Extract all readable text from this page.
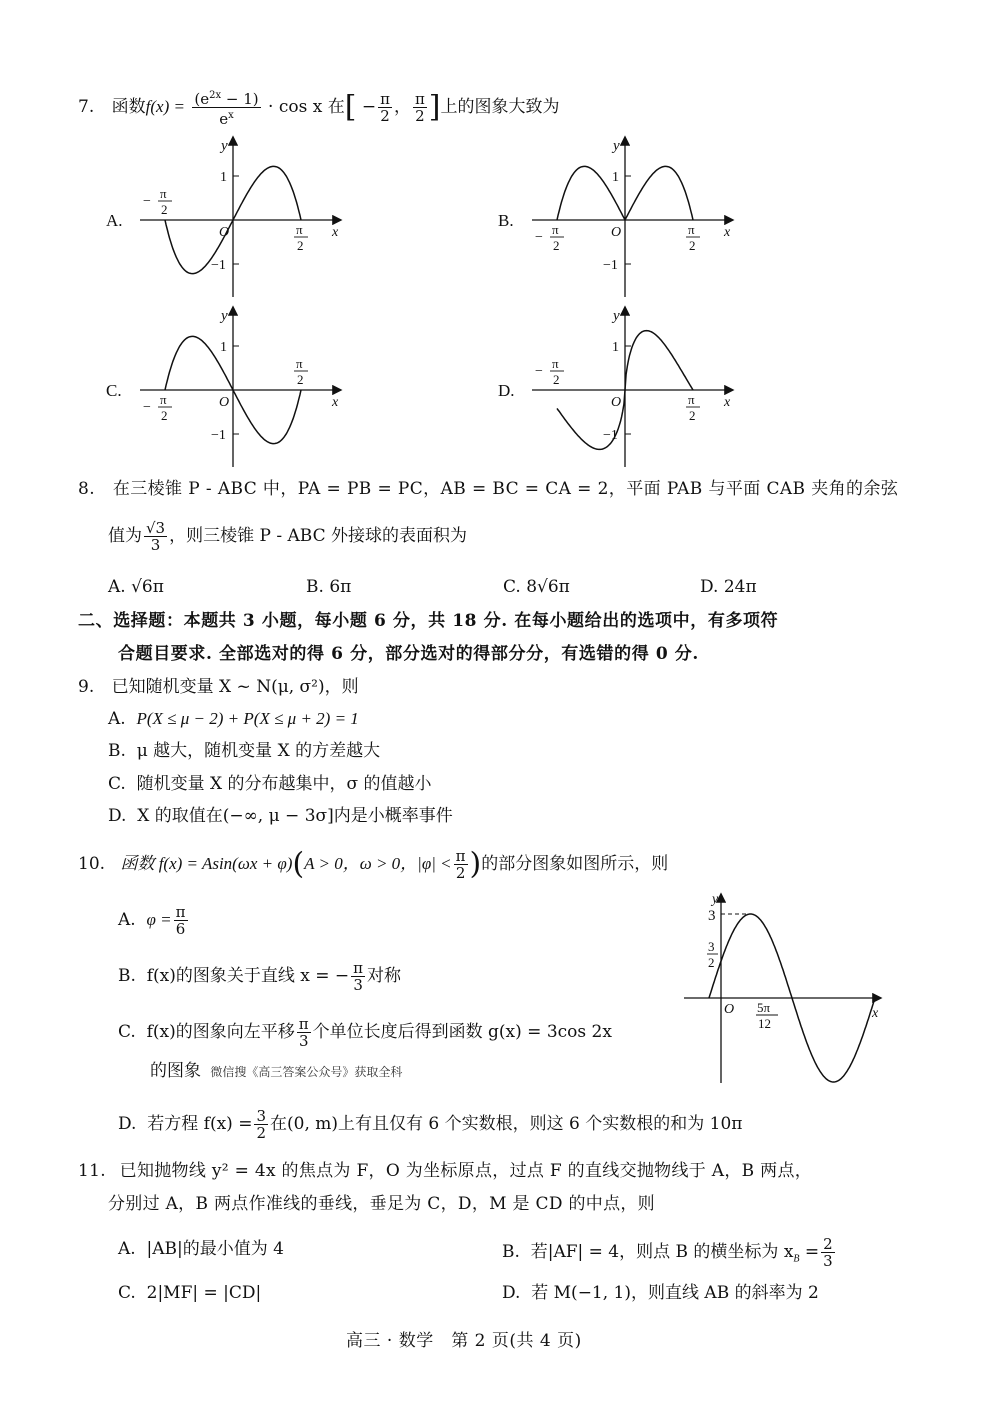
7. 函数$f(x) = \frac{(e^{2x} - 1)}{e^x} \cdot \cos x$ 在[ − $\frac{\pi}{2}$ ， $\frac{\pi}{2}$ ]上的图象大致为
y
x
O
1
−1
A.
−
π
2
π
2
y
x
O
1
−1
B.
−
π
2
π
2
y
x
O
1
−1
C.
−
π
2
π
2
y
x
O
1
−1
D.
−
π
2
π
2
8. 在三棱锥 P - ABC 中，PA = PB = PC，AB = BC = CA = 2，平面 PAB 与平面 CAB 夹角的余弦
值为 $\frac{√3}{3}$ ，则三棱锥 P - ABC 外接球的表面积为
A. √6π	B. 6π	C. 8√6π	D. 24π
二、选择题：本题共 3 小题，每小题 6 分，共 18 分. 在每小题给出的选项中，有多项符
合题目要求. 全部选对的得 6 分，部分选对的得部分分，有选错的得 0 分.
9. 已知随机变量 X ~ N(μ, σ²)，则
A. P(X ≤ μ − 2) + P(X ≤ μ + 2) = 1
B. μ 越大，随机变量 X 的方差越大
C. 随机变量 X 的分布越集中，σ 的值越小
D. X 的取值在(−∞, μ − 3σ]内是小概率事件
10. 函数 f(x) = Asin(ωx + φ)(A > 0，ω > 0，$|\varphi| < \frac{\pi}{2}$ )的部分图象如图所示，则
A. $\varphi = \frac{\pi}{6}$
B. f(x)的图象关于直线 x = − $\frac{\pi}{3}$ 对称
C. f(x)的图象向左平移 $\frac{\pi}{3}$ 个单位长度后得到函数 g(x) = 3cos 2x
的图象 微信搜《高三答案公众号》获取全科
D. 若方程 $f(x) = \frac{3}{2}$ 在(0, m)上有且仅有 6 个实数根，则这 6 个实数根的和为 10π
y
x
O
3
3
2
5π
12
11. 已知抛物线 y² = 4x 的焦点为 F，O 为坐标原点，过点 F 的直线交抛物线于 A，B 两点，
分别过 A，B 两点作准线的垂线，垂足为 C，D，M 是 CD 的中点，则
A. |AB|的最小值为 4	B. 若|AF| = 4，则点 B 的横坐标为 $x_B = \frac{2}{3}$
C. 2|MF| = |CD|	D. 若 M(−1, 1)，则直线 AB 的斜率为 2
高三 · 数学　第 2 页(共 4 页)
